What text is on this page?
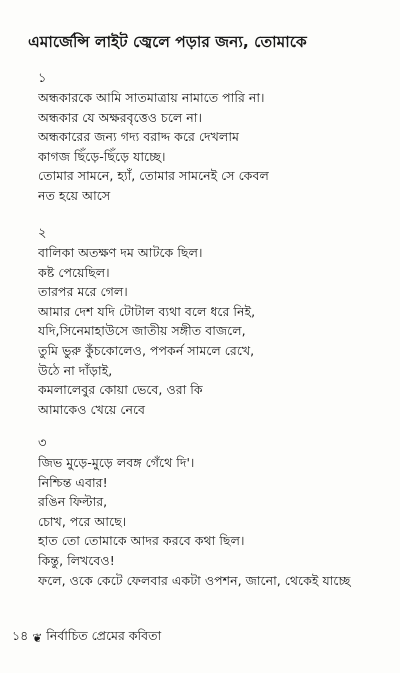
এমার্জেন্সি লাইট জ্বেলে পড়ার জন্য, তোমাকে
১
অন্ধকারকে আমি সাতমাত্রায় নামাতে পারি না।
অন্ধকার যে অক্ষরবৃত্তেও চলে না।
অন্ধকারের জন্য গদ্য বরাদ্দ করে দেখলাম
কাগজ ছিঁড়ে-ছিঁড়ে যাচ্ছে।
তোমার সামনে, হ্যাঁ, তোমার সামনেই সে কেবল
নত হয়ে আসে
২
বালিকা অতক্ষণ দম আটকে ছিল।
কষ্ট পেয়েছিল।
তারপর মরে গেল।
আমার দেশ যদি টোটাল ব্যথা বলে ধরে নিই,
যদি,সিনেমাহাউসে জাতীয় সঙ্গীত বাজলে,
তুমি ভুরু কুঁচকোলেও, পপকর্ন সামলে রেখে,
উঠে না দাঁড়াই,
কমলালেবুর কোয়া ভেবে, ওরা কি
আমাকেও খেয়ে নেবে
৩
জিভ মুড়ে-মুড়ে লবঙ্গ গেঁথে দি'।
নিশ্চিন্ত এবার!
রঙিন ফিল্টার,
চোখ, পরে আছে।
হাত তো তোমাকে আদর করবে কথা ছিল।
কিন্তু, লিখবেও!
ফলে, ওকে কেটে ফেলবার একটা ওপশন, জানো, থেকেই যাচ্ছে
১৪ ❦ নির্বাচিত প্রেমের কবিতা
